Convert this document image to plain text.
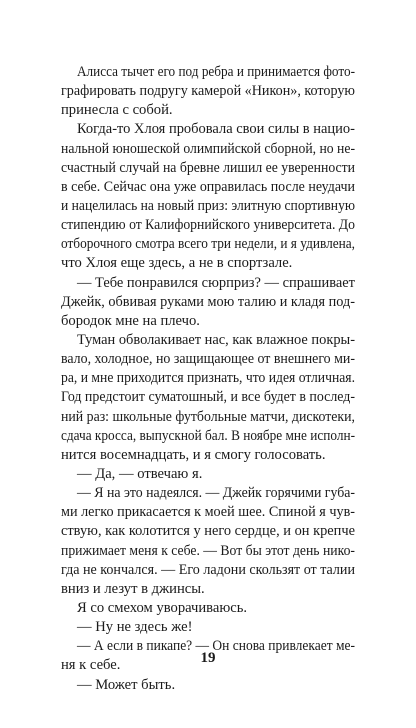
Алисса тычет его под ребра и принимается фото-
графировать подругу камерой «Никон», которую
принесла с собой.
Когда-то Хлоя пробовала свои силы в нацио-
нальной юношеской олимпийской сборной, но не-
счастный случай на бревне лишил ее уверенности
в себе. Сейчас она уже оправилась после неудачи
и нацелилась на новый приз: элитную спортивную
стипендию от Калифорнийского университета. До
отборочного смотра всего три недели, и я удивлена,
что Хлоя еще здесь, а не в спортзале.
— Тебе понравился сюрприз? — спрашивает
Джейк, обвивая руками мою талию и кладя под-
бородок мне на плечо.
Туман обволакивает нас, как влажное покры-
вало, холодное, но защищающее от внешнего ми-
ра, и мне приходится признать, что идея отличная.
Год предстоит суматошный, и все будет в послед-
ний раз: школьные футбольные матчи, дискотеки,
сдача кросса, выпускной бал. В ноябре мне исполн-
нится восемнадцать, и я смогу голосовать.
— Да, — отвечаю я.
— Я на это надеялся. — Джейк горячими губа-
ми легко прикасается к моей шее. Спиной я чув-
ствую, как колотится у него сердце, и он крепче
прижимает меня к себе. — Вот бы этот день нико-
гда не кончался. — Его ладони скользят от талии
вниз и лезут в джинсы.
Я со смехом уворачиваюсь.
— Ну не здесь же!
— А если в пикапе? — Он снова привлекает ме-
ня к себе.
— Может быть.
19
